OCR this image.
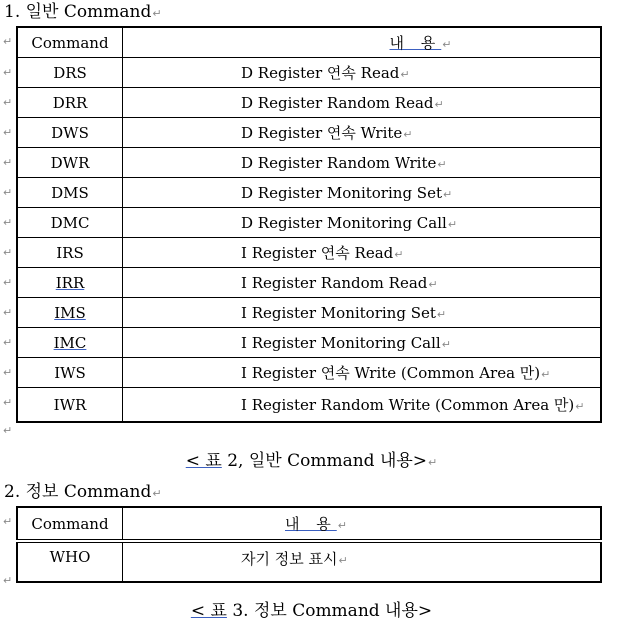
1. 일반 Command↵
↵
↵
↵
↵
↵
↵
↵
↵
↵
↵
↵
↵
↵
↵
↵
↵
Command	내 용↵
DRS	D Register 연속 Read↵
DRR	D Register Random Read↵
DWS	D Register 연속 Write↵
DWR	D Register Random Write↵
DMS	D Register Monitoring Set↵
DMC	D Register Monitoring Call↵
IRS	I Register 연속 Read↵
IRR	I Register Random Read↵
IMS	I Register Monitoring Set↵
IMC	I Register Monitoring Call↵
IWS	I Register 연속 Write (Common Area 만)↵
IWR	I Register Random Write (Common Area 만)↵
< 표 2, 일반 Command 내용>↵
2. 정보 Command↵
Command	내 용↵
WHO	자기 정보 표시↵
< 표 3. 정보 Command 내용>
